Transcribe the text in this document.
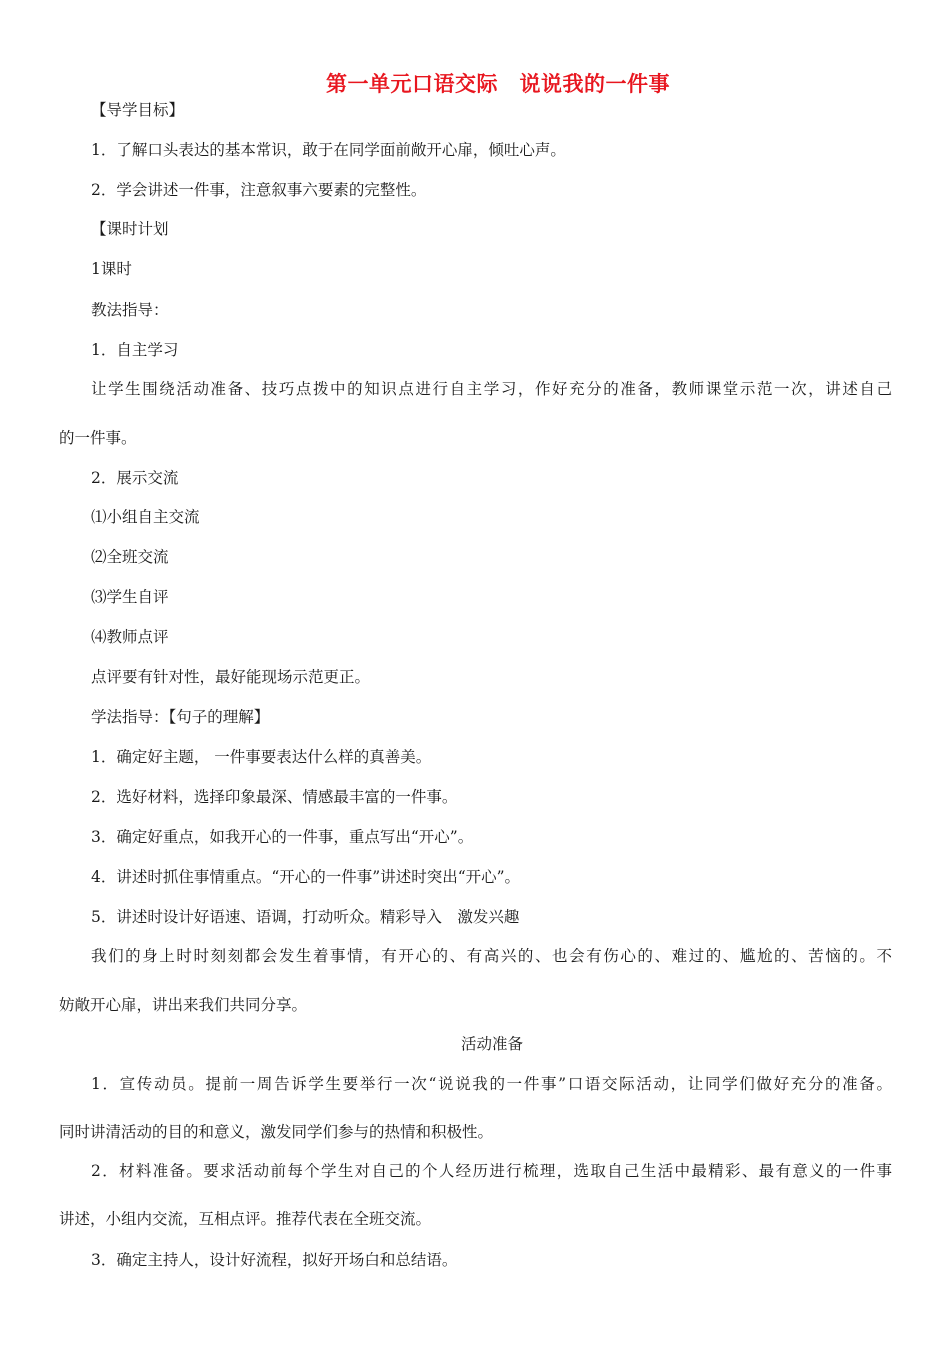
第一单元口语交际　说说我的一件事
【导学目标】
1．了解口头表达的基本常识，敢于在同学面前敞开心扉，倾吐心声。
2．学会讲述一件事，注意叙事六要素的完整性。
【课时计划
1课时
教法指导：
1．自主学习
让学生围绕活动准备、技巧点拨中的知识点进行自主学习，作好充分的准备，教师课堂示范一次，讲述自己
的一件事。
2．展示交流
⑴小组自主交流
⑵全班交流
⑶学生自评
⑷教师点评
点评要有针对性，最好能现场示范更正。
学法指导：【句子的理解】
1．确定好主题， 一件事要表达什么样的真善美。
2．选好材料，选择印象最深、情感最丰富的一件事。
3．确定好重点，如我开心的一件事，重点写出“开心”。
4．讲述时抓住事情重点。“开心的一件事”讲述时突出“开心”。
5．讲述时设计好语速、语调，打动听众。精彩导入　激发兴趣
我们的身上时时刻刻都会发生着事情，有开心的、有高兴的、也会有伤心的、难过的、尴尬的、苦恼的。不
妨敞开心扉，讲出来我们共同分享。
活动准备
1．宣传动员。提前一周告诉学生要举行一次“说说我的一件事”口语交际活动，让同学们做好充分的准备。
同时讲清活动的目的和意义，激发同学们参与的热情和积极性。
2．材料准备。要求活动前每个学生对自己的个人经历进行梳理，选取自己生活中最精彩、最有意义的一件事
讲述，小组内交流，互相点评。推荐代表在全班交流。
3．确定主持人，设计好流程，拟好开场白和总结语。
